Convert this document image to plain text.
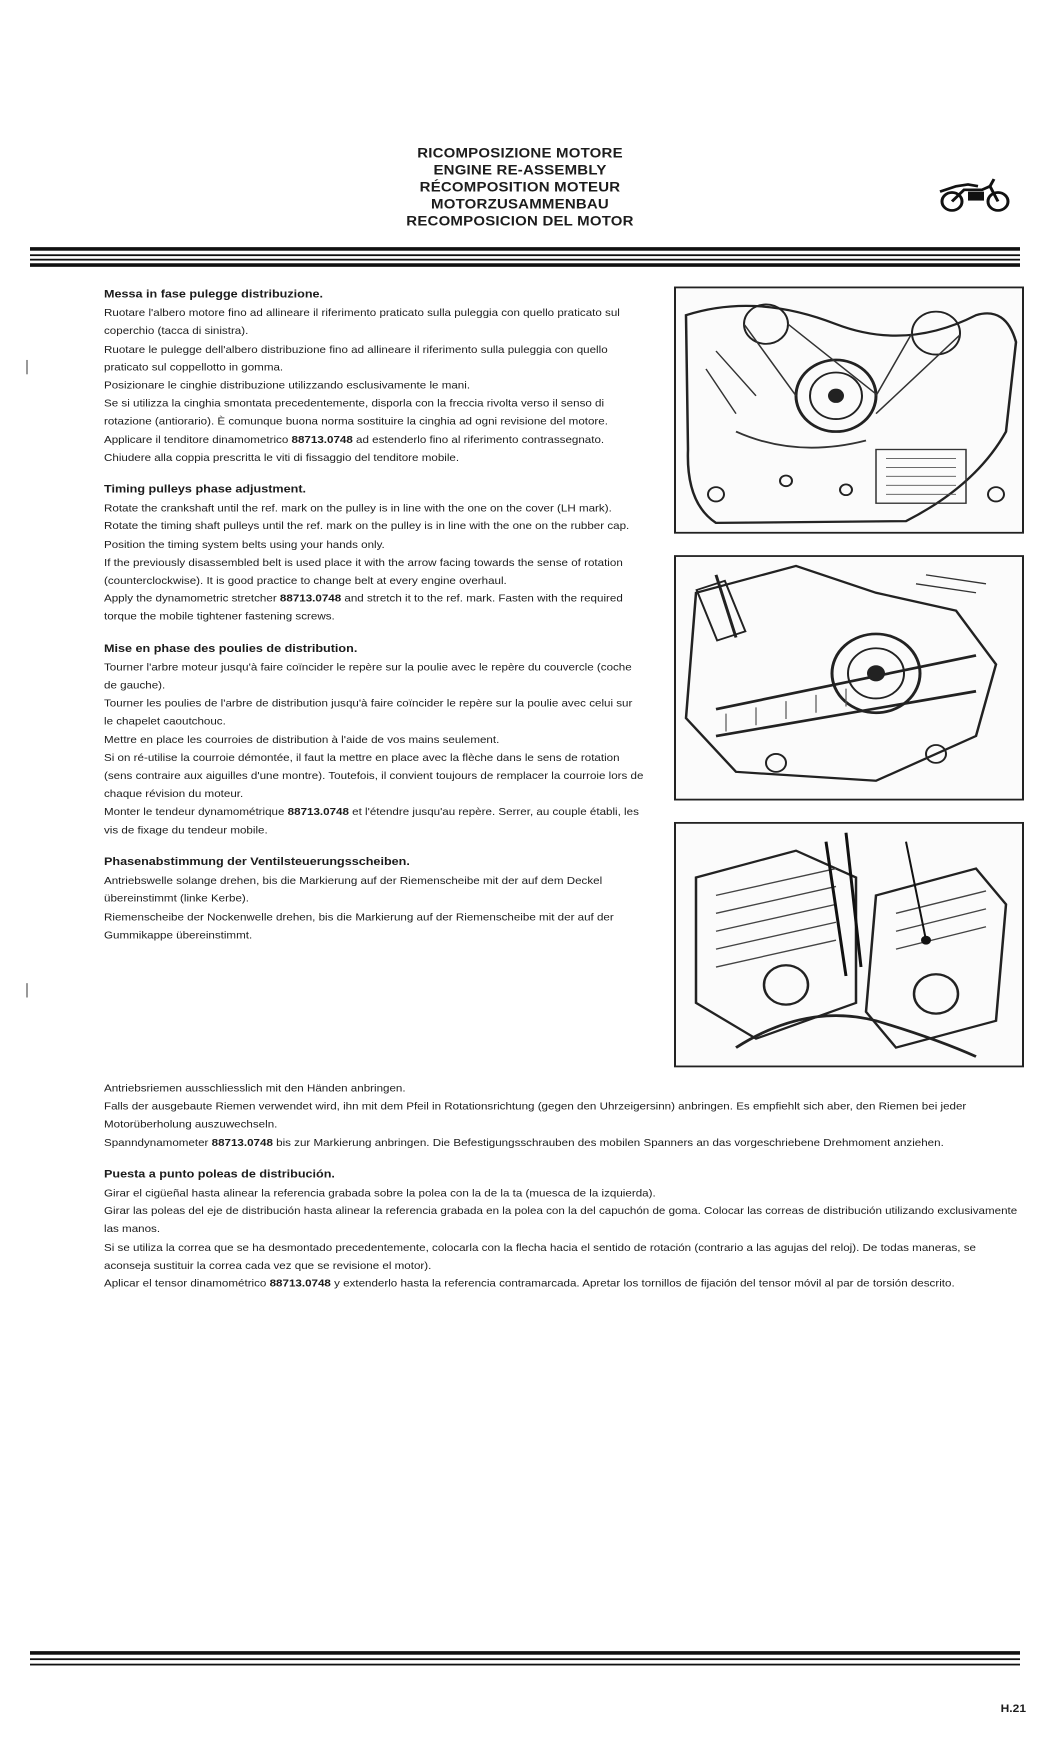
RICOMPOSIZIONE MOTORE
ENGINE RE-ASSEMBLY
RÉCOMPOSITION MOTEUR
MOTORZUSAMMENBAU
RECOMPOSICION DEL MOTOR
Messa in fase pulegge distribuzione.

Ruotare l'albero motore fino ad allineare il riferimento praticato sulla puleggia con quello praticato sul coperchio (tacca di sinistra).

Ruotare le pulegge dell'albero distribuzione fino ad allineare il riferimento sulla puleggia con quello praticato sul coppellotto in gomma.

Posizionare le cinghie distribuzione utilizzando esclusivamente le mani.

Se si utilizza la cinghia smontata precedentemente, disporla con la freccia rivolta verso il senso di rotazione (antiorario). È comunque buona norma sostituire la cinghia ad ogni revisione del motore.

Applicare il tenditore dinamometrico 88713.0748 ad estenderlo fino al riferimento contrassegnato. Chiudere alla coppia prescritta le viti di fissaggio del tenditore mobile.

Timing pulleys phase adjustment.

Rotate the crankshaft until the ref. mark on the pulley is in line with the one on the cover (LH mark).

Rotate the timing shaft pulleys until the ref. mark on the pulley is in line with the one on the rubber cap.

Position the timing system belts using your hands only.

If the previously disassembled belt is used place it with the arrow facing towards the sense of rotation (counterclockwise). It is good practice to change belt at every engine overhaul.

Apply the dynamometric stretcher 88713.0748 and stretch it to the ref. mark. Fasten with the required torque the mobile tightener fastening screws.

Mise en phase des poulies de distribution.

Tourner l'arbre moteur jusqu'à faire coïncider le repère sur la poulie avec le repère du couvercle (coche de gauche).

Tourner les poulies de l'arbre de distribution jusqu'à faire coïncider le repère sur la poulie avec celui sur le chapelet caoutchouc.

Mettre en place les courroies de distribution à l'aide de vos mains seulement.

Si on ré-utilise la courroie démontée, il faut la mettre en place avec la flèche dans le sens de rotation (sens contraire aux aiguilles d'une montre). Toutefois, il convient toujours de remplacer la courroie lors de chaque révision du moteur.

Monter le tendeur dynamométrique 88713.0748 et l'étendre jusqu'au repère. Serrer, au couple établi, les vis de fixage du tendeur mobile.

Phasenabstimmung der Ventilsteuerungsscheiben.

Antriebswelle solange drehen, bis die Markierung auf der Riemenscheibe mit der auf dem Deckel übereinstimmt (linke Kerbe).

Riemenscheibe der Nockenwelle drehen, bis die Markierung auf der Riemenscheibe mit der auf der Gummikappe übereinstimmt.

Antriebsriemen ausschliesslich mit den Händen anbringen.

Falls der ausgebaute Riemen verwendet wird, ihn mit dem Pfeil in Rotationsrichtung (gegen den Uhrzeigersinn) anbringen. Es empfiehlt sich aber, den Riemen bei jeder Motorüberholung auszuwechseln.

Spanndynamometer 88713.0748 bis zur Markierung anbringen. Die Befestigungsschrauben des mobilen Spanners an das vorgeschriebene Drehmoment anziehen.

Puesta a punto poleas de distribución.

Girar el cigüeñal hasta alinear la referencia grabada sobre la polea con la de la ta (muesca de la izquierda).

Girar las poleas del eje de distribución hasta alinear la referencia grabada en la polea con la del capuchón de goma. Colocar las correas de distribución utilizando exclusivamente las manos.

Si se utiliza la correa que se ha desmontado precedentemente, colocarla con la flecha hacia el sentido de rotación (contrario a las agujas del reloj). De todas maneras, se aconseja sustituir la correa cada vez que se revisione el motor).

Aplicar el tensor dinamométrico 88713.0748 y extenderlo hasta la referencia contramarcada. Apretar los tornillos de fijación del tensor móvil al par de torsión descrito.

H.21
